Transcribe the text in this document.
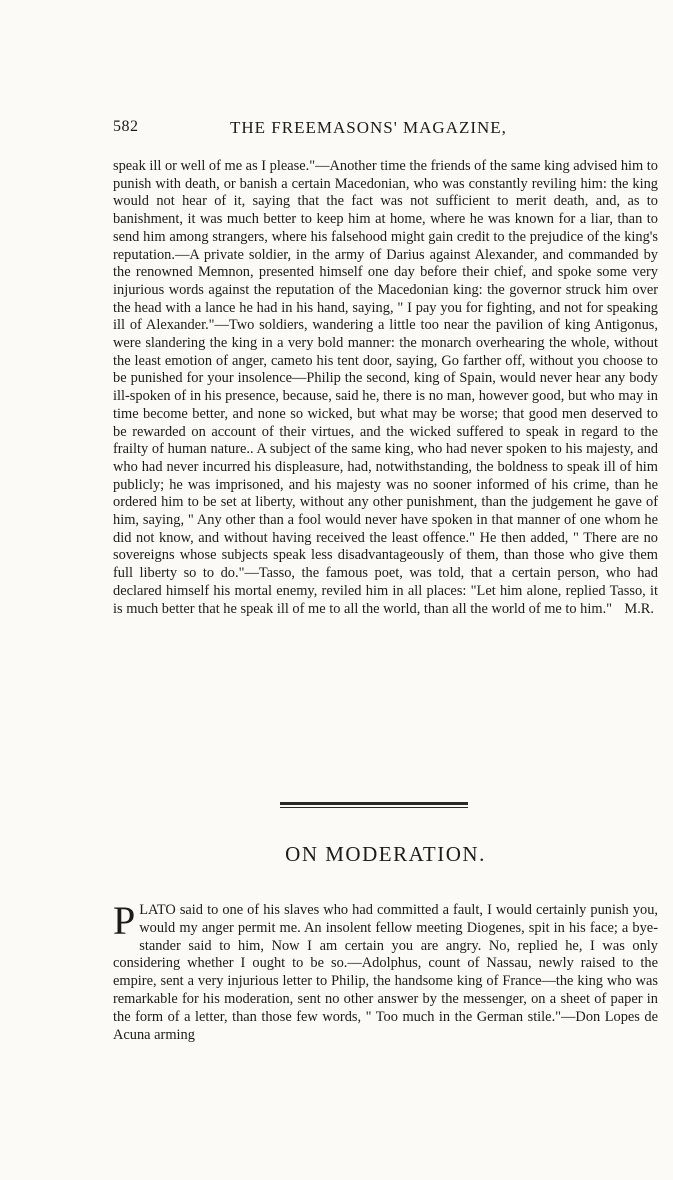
582	THE FREEMASONS' MAGAZINE,

speak ill or well of me as I please."—Another time the friends of the same king advised him to punish with death, or banish a certain Macedonian, who was constantly reviling him: the king would not hear of it, saying that the fact was not sufficient to merit death, and, as to banishment, it was much better to keep him at home, where he was known for a liar, than to send him among strangers, where his falsehood might gain credit to the prejudice of the king's reputation.—A private soldier, in the army of Darius against Alexander, and commanded by the renowned Memnon, presented himself one day before their chief, and spoke some very injurious words against the reputation of the Macedonian king: the governor struck him over the head with a lance he had in his hand, saying, " I pay you for fighting, and not for speaking ill of Alexander."—Two soldiers, wandering a little too near the pavilion of king Antigonus, were slandering the king in a very bold manner: the monarch overhearing the whole, without the least emotion of anger, cameto his tent door, saying, Go farther off, without you choose to be punished for your insolence—Philip the second, king of Spain, would never hear any body ill-spoken of in his presence, because, said he, there is no man, however good, but who may in time become better, and none so wicked, but what may be worse; that good men deserved to be rewarded on account of their virtues, and the wicked suffered to speak in regard to the frailty of human nature.. A subject of the same king, who had never spoken to his majesty, and who had never incurred his displeasure, had, notwithstanding, the boldness to speak ill of him publicly; he was imprisoned, and his majesty was no sooner informed of his crime, than he ordered him to be set at liberty, without any other punishment, than the judgement he gave of him, saying, " Any other than a fool would never have spoken in that manner of one whom he did not know, and without having received the least offence." He then added, " There are no sovereigns whose subjects speak less disadvantageously of them, than those who give them full liberty so to do."—Tasso, the famous poet, was told, that a certain person, who had declared himself his mortal enemy, reviled him in all places: "Let him alone, replied Tasso, it is much better that he speak ill of me to all the world, than all the world of me to him." M.R.

ON MODERATION.
P LATO said to one of his slaves who had committed a fault, I would certainly punish you, would my anger permit me. An insolent fellow meeting Diogenes, spit in his face; a bye-stander said to him, Now I am certain you are angry. No, replied he, I was only considering whether I ought to be so.—Adolphus, count of Nassau, newly raised to the empire, sent a very injurious letter to Philip, the handsome king of France—the king who was remarkable for his moderation, sent no other answer by the messenger, on a sheet of paper in the form of a letter, than those few words, " Too much in the German stile."—Don Lopes de Acuna arming
